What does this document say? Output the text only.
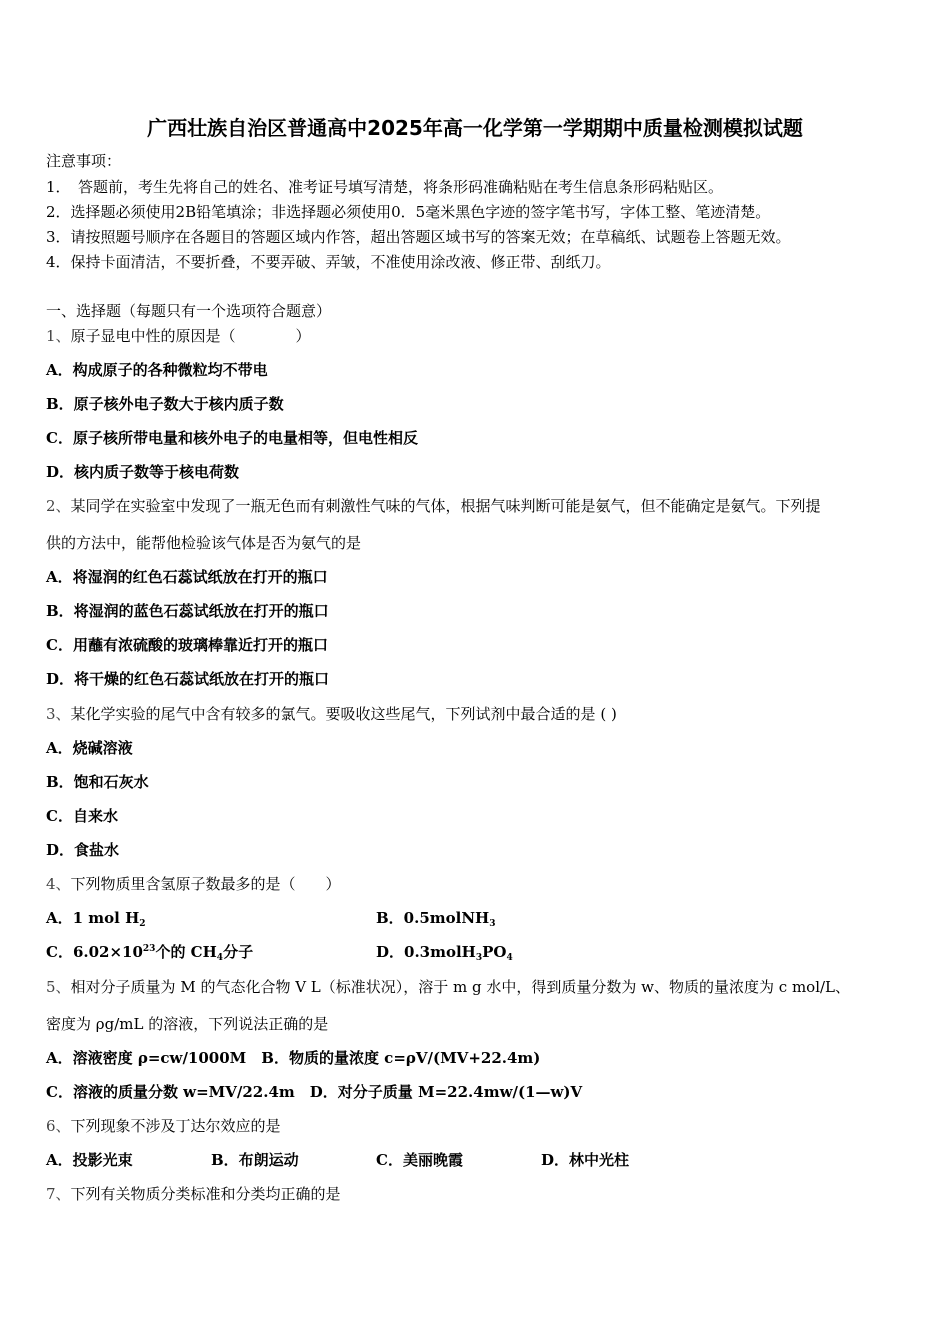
广西壮族自治区普通高中2025年高一化学第一学期期中质量检测模拟试题
注意事项：
1．　答题前，考生先将自己的姓名、准考证号填写清楚，将条形码准确粘贴在考生信息条形码粘贴区。
2．选择题必须使用2B铅笔填涂；非选择题必须使用0．5毫米黑色字迹的签字笔书写，字体工整、笔迹清楚。
3．请按照题号顺序在各题目的答题区域内作答，超出答题区域书写的答案无效；在草稿纸、试题卷上答题无效。
4．保持卡面清洁，不要折叠，不要弄破、弄皱，不准使用涂改液、修正带、刮纸刀。
一、选择题（每题只有一个选项符合题意）
1、原子显电中性的原因是（　　　　）
A．构成原子的各种微粒均不带电
B．原子核外电子数大于核内质子数
C．原子核所带电量和核外电子的电量相等，但电性相反
D．核内质子数等于核电荷数
2、某同学在实验室中发现了一瓶无色而有刺激性气味的气体，根据气味判断可能是氨气，但不能确定是氨气。下列提
供的方法中，能帮他检验该气体是否为氨气的是
A．将湿润的红色石蕊试纸放在打开的瓶口
B．将湿润的蓝色石蕊试纸放在打开的瓶口
C．用蘸有浓硫酸的玻璃棒靠近打开的瓶口
D．将干燥的红色石蕊试纸放在打开的瓶口
3、某化学实验的尾气中含有较多的氯气。要吸收这些尾气，下列试剂中最合适的是 ( )
A．烧碱溶液
B．饱和石灰水
C．自来水
D．食盐水
4、下列物质里含氢原子数最多的是（　　）
A．1 mol $H_2$	B．0.5molNH$_3$
C．$6.02\times 10^{23}$个的 $CH_4$分子	D．$0.3molH_3PO_4$
5、相对分子质量为 M 的气态化合物 V L（标准状况），溶于 m g 水中，得到质量分数为 w、物质的量浓度为 c mol/L、
密度为 ρg/mL 的溶液，下列说法正确的是
A．溶液密度 ρ=cw/1000M　B．物质的量浓度 c=ρV/(MV+22.4m)
C．溶液的质量分数 w=MV/22.4m　D．对分子质量 M=22.4mw/(1—w)V
6、下列现象不涉及丁达尔效应的是
A．投影光束	B．布朗运动	C．美丽晚霞	D．林中光柱
7、下列有关物质分类标准和分类均正确的是
